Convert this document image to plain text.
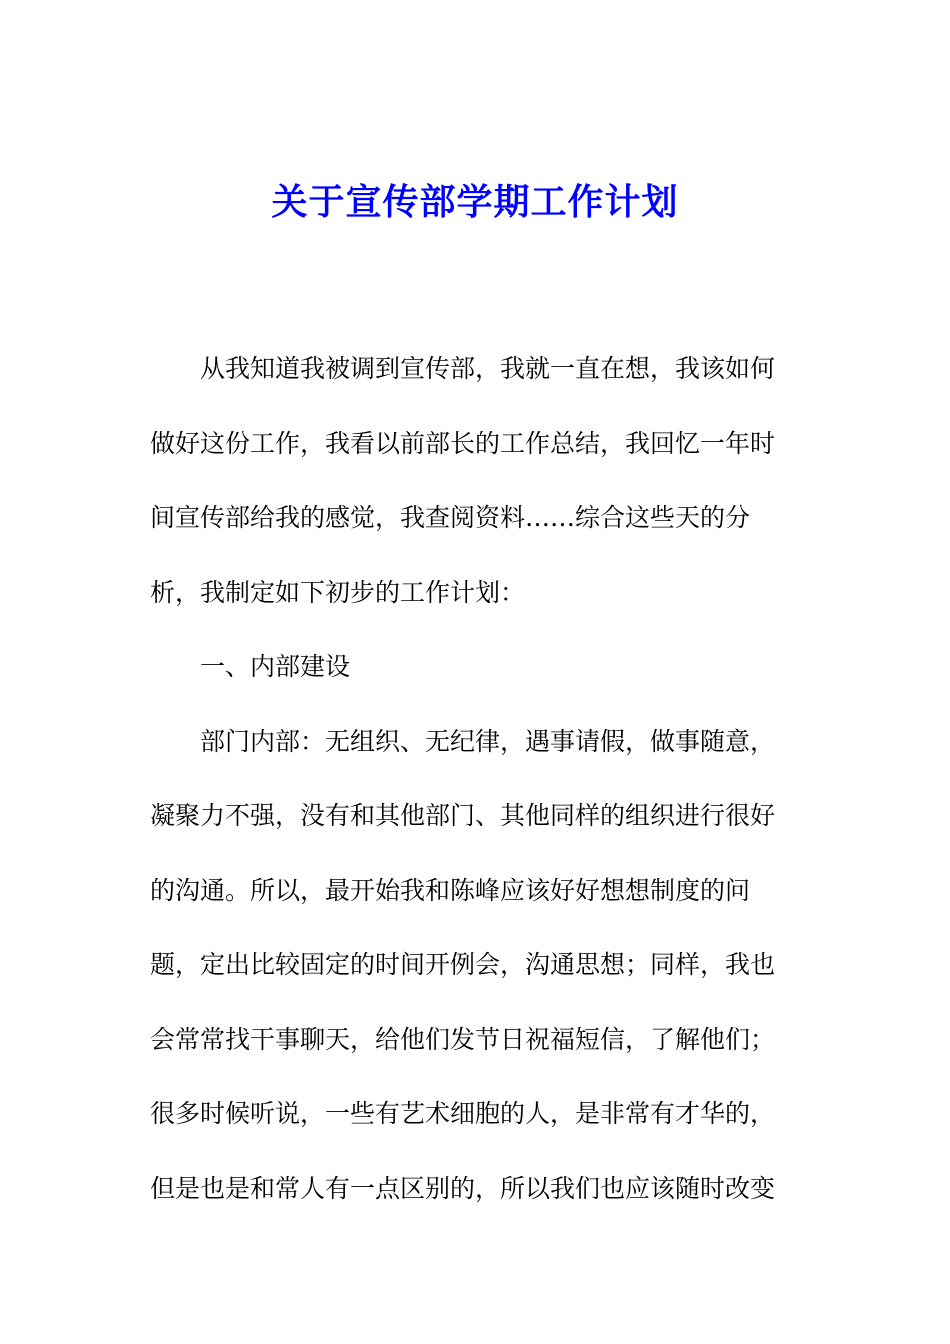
关于宣传部学期工作计划
从我知道我被调到宣传部，我就一直在想，我该如何
做好这份工作，我看以前部长的工作总结，我回忆一年时
间宣传部给我的感觉，我查阅资料……综合这些天的分
析，我制定如下初步的工作计划：
一、内部建设
部门内部：无组织、无纪律，遇事请假，做事随意，
凝聚力不强，没有和其他部门、其他同样的组织进行很好
的沟通。所以，最开始我和陈峰应该好好想想制度的问
题，定出比较固定的时间开例会，沟通思想；同样，我也
会常常找干事聊天，给他们发节日祝福短信，了解他们；
很多时候听说，一些有艺术细胞的人，是非常有才华的，
但是也是和常人有一点区别的，所以我们也应该随时改变
